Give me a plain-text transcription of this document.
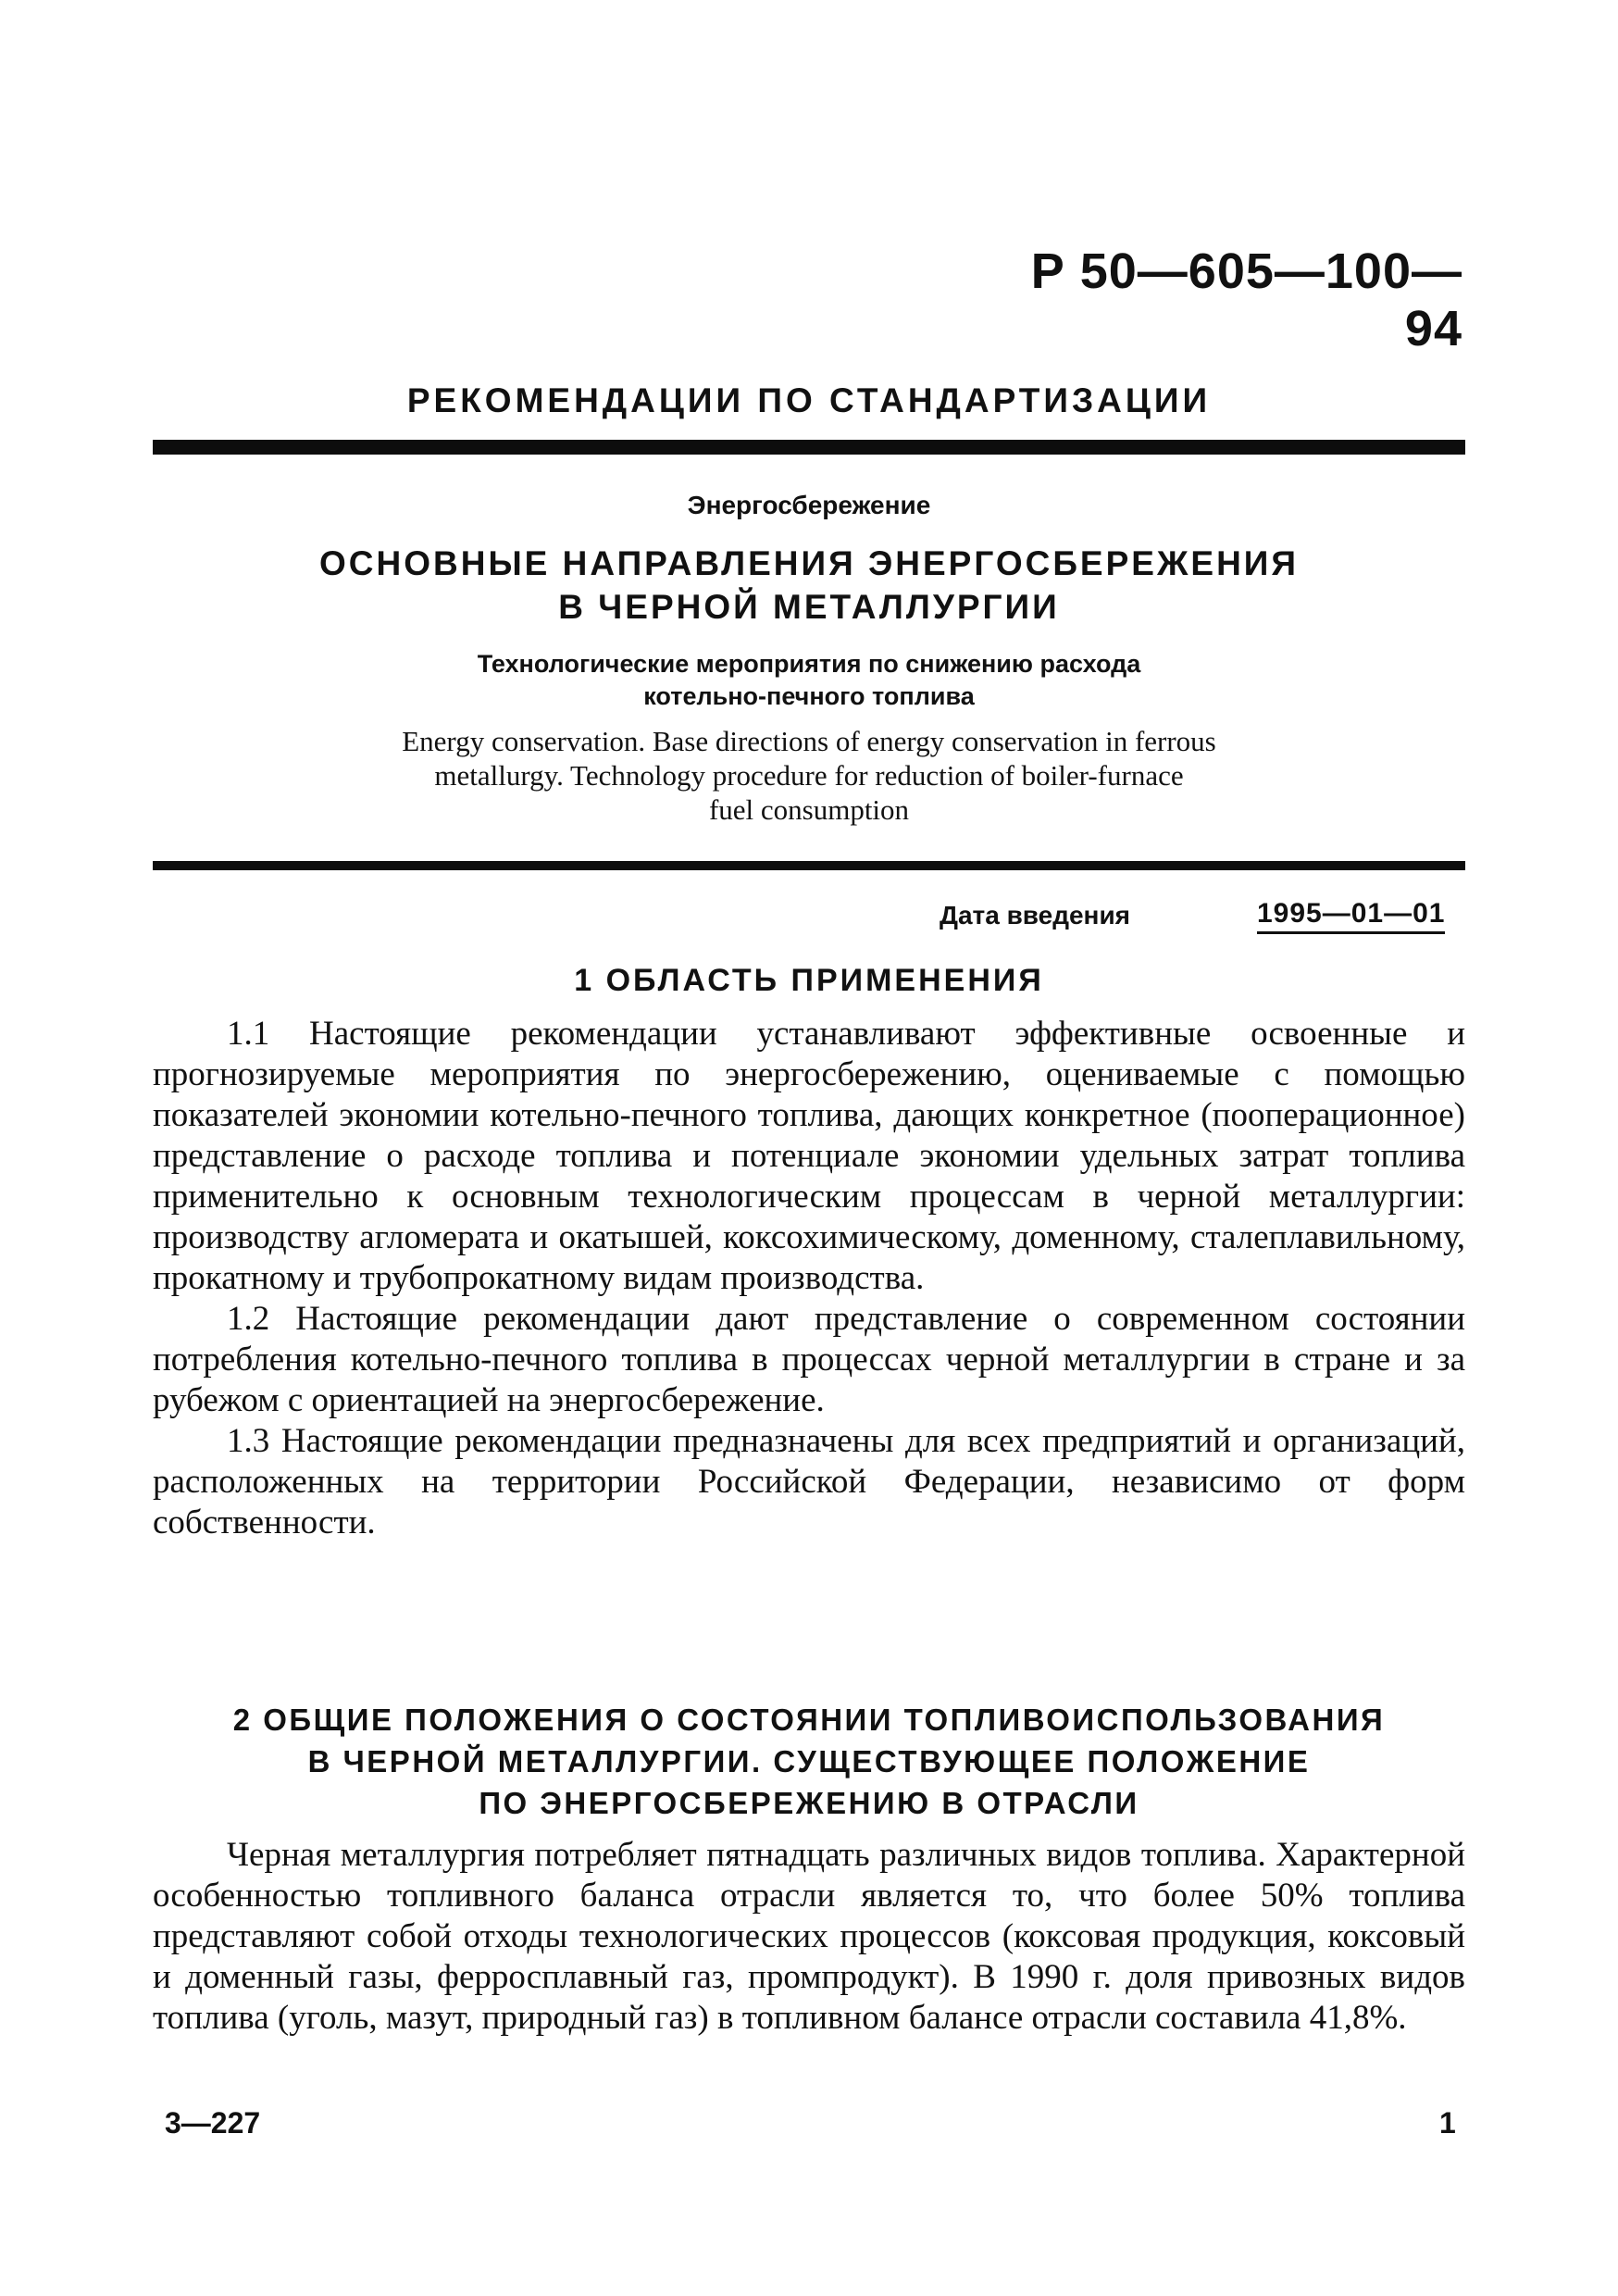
Р 50—605—100—94
РЕКОМЕНДАЦИИ ПО СТАНДАРТИЗАЦИИ
Энергосбережение
ОСНОВНЫЕ НАПРАВЛЕНИЯ ЭНЕРГОСБЕРЕЖЕНИЯ
В ЧЕРНОЙ МЕТАЛЛУРГИИ
Технологические мероприятия по снижению расхода
котельно-печного топлива
Energy conservation. Base directions of energy conservation in ferrous
metallurgy. Technology procedure for reduction of boiler-furnace
fuel consumption
Дата введения	1995—01—01
1 ОБЛАСТЬ ПРИМЕНЕНИЯ

1.1 Настоящие рекомендации устанавливают эффективные освоенные и прогнозируемые мероприятия по энергосбережению, оцениваемые с помощью показателей экономии котельно-печного топлива, дающих конкретное (пооперационное) представление о расходе топлива и потенциале экономии удельных затрат топлива применительно к основным технологическим процессам в черной металлургии: производству агломерата и окатышей, коксохимическому, доменному, сталеплавильному, прокатному и трубопрокатному видам производства.

1.2 Настоящие рекомендации дают представление о современном состоянии потребления котельно-печного топлива в процессах черной металлургии в стране и за рубежом с ориентацией на энергосбережение.

1.3 Настоящие рекомендации предназначены для всех предприятий и организаций, расположенных на территории Российской Федерации, независимо от форм собственности.

2 ОБЩИЕ ПОЛОЖЕНИЯ О СОСТОЯНИИ ТОПЛИВОИСПОЛЬЗОВАНИЯ
В ЧЕРНОЙ МЕТАЛЛУРГИИ. СУЩЕСТВУЮЩЕЕ ПОЛОЖЕНИЕ
ПО ЭНЕРГОСБЕРЕЖЕНИЮ В ОТРАСЛИ

Черная металлургия потребляет пятнадцать различных видов топлива. Характерной особенностью топливного баланса отрасли является то, что более 50% топлива представляют собой отходы технологических процессов (коксовая продукция, коксовый и доменный газы, ферросплавный газ, промпродукт). В 1990 г. доля привозных видов топлива (уголь, мазут, природный газ) в топливном балансе отрасли составила 41,8%.

3—227	1
